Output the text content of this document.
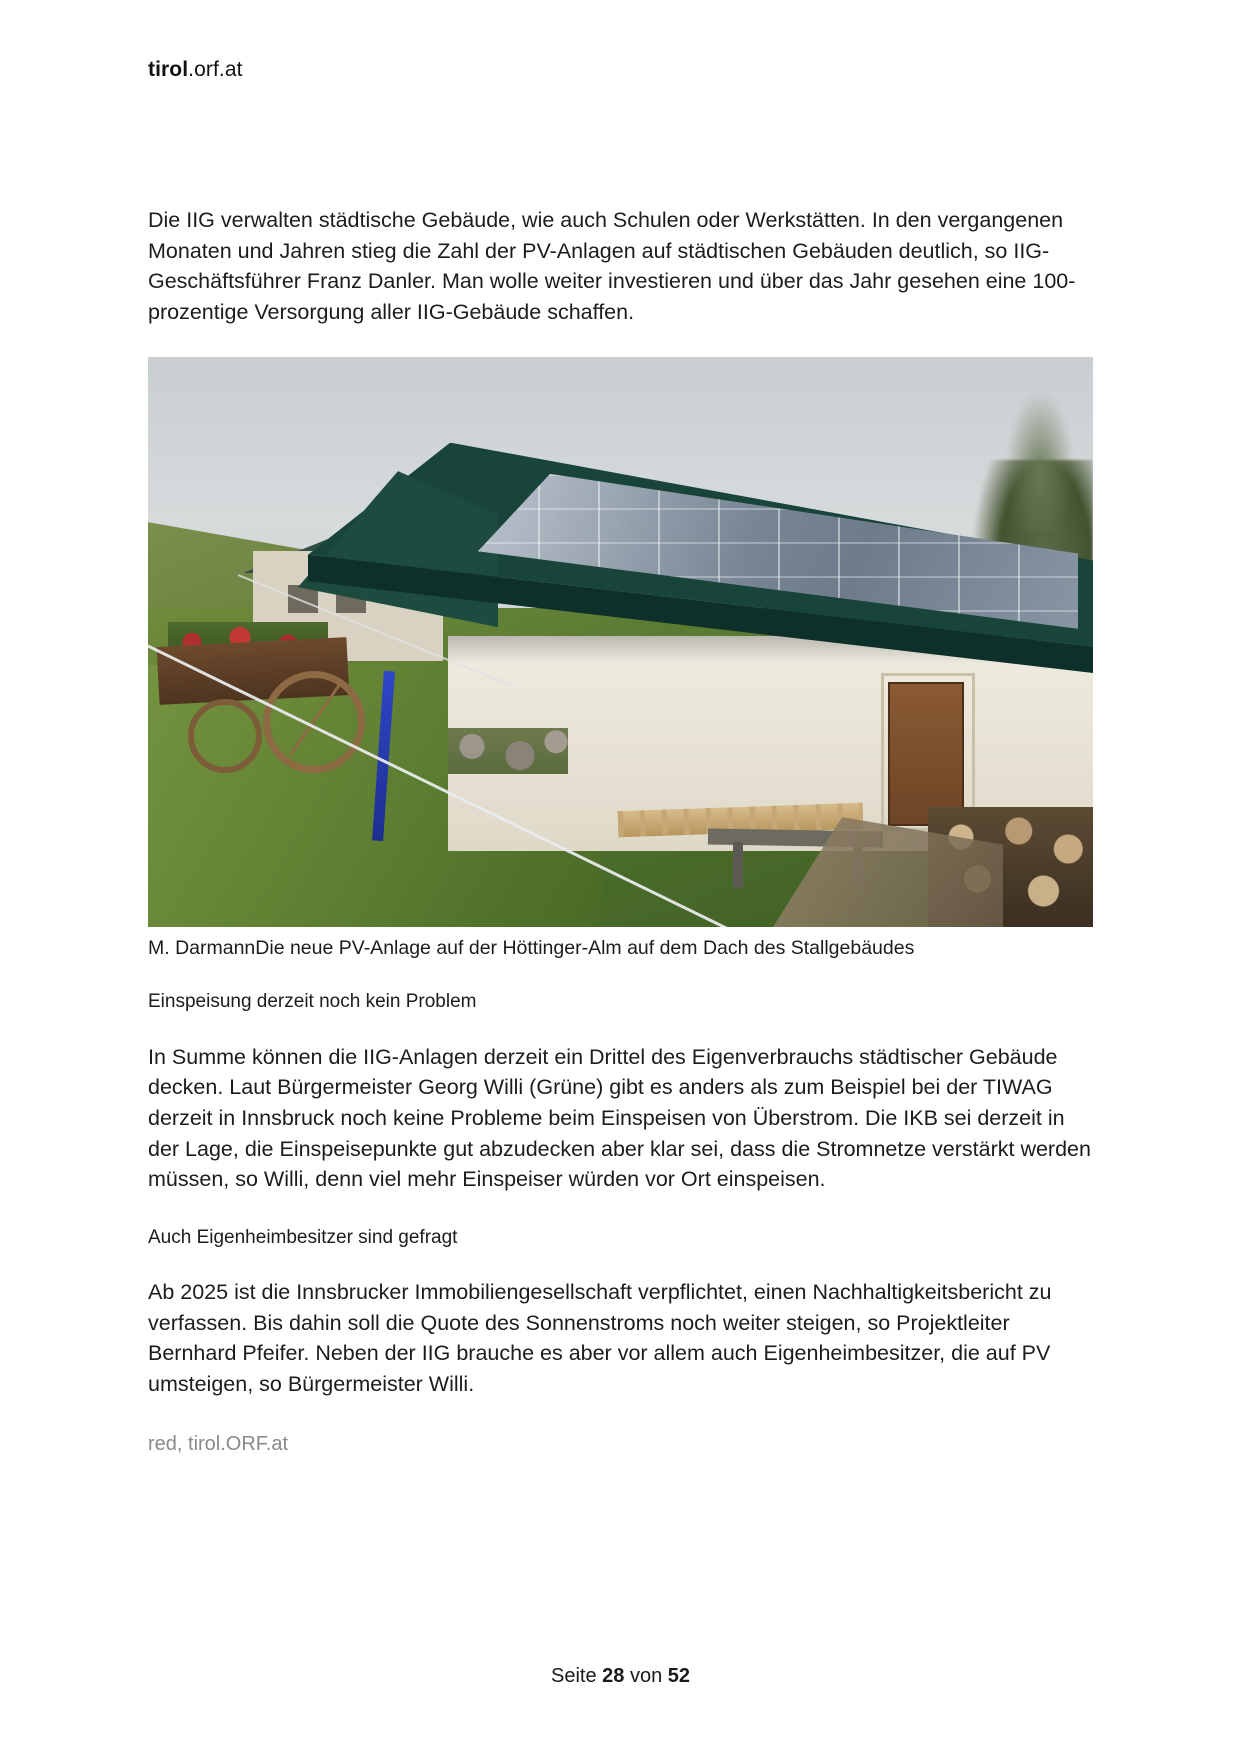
tirol.orf.at

Die IIG verwalten städtische Gebäude, wie auch Schulen oder Werkstätten. In den vergangenen Monaten und Jahren stieg die Zahl der PV-Anlagen auf städtischen Gebäuden deutlich, so IIG-Geschäftsführer Franz Danler. Man wolle weiter investieren und über das Jahr gesehen eine 100-prozentige Versorgung aller IIG-Gebäude schaffen.

M. DarmannDie neue PV-Anlage auf der Höttinger-Alm auf dem Dach des Stallgebäudes

Einspeisung derzeit noch kein Problem

In Summe können die IIG-Anlagen derzeit ein Drittel des Eigenverbrauchs städtischer Gebäude decken. Laut Bürgermeister Georg Willi (Grüne) gibt es anders als zum Beispiel bei der TIWAG derzeit in Innsbruck noch keine Probleme beim Einspeisen von Überstrom. Die IKB sei derzeit in der Lage, die Einspeisepunkte gut abzudecken aber klar sei, dass die Stromnetze verstärkt werden müssen, so Willi, denn viel mehr Einspeiser würden vor Ort einspeisen.

Auch Eigenheimbesitzer sind gefragt

Ab 2025 ist die Innsbrucker Immobiliengesellschaft verpflichtet, einen Nachhaltigkeitsbericht zu verfassen. Bis dahin soll die Quote des Sonnenstroms noch weiter steigen, so Projektleiter Bernhard Pfeifer. Neben der IIG brauche es aber vor allem auch Eigenheimbesitzer, die auf PV umsteigen, so Bürgermeister Willi.

red, tirol.ORF.at

Seite 28 von 52
